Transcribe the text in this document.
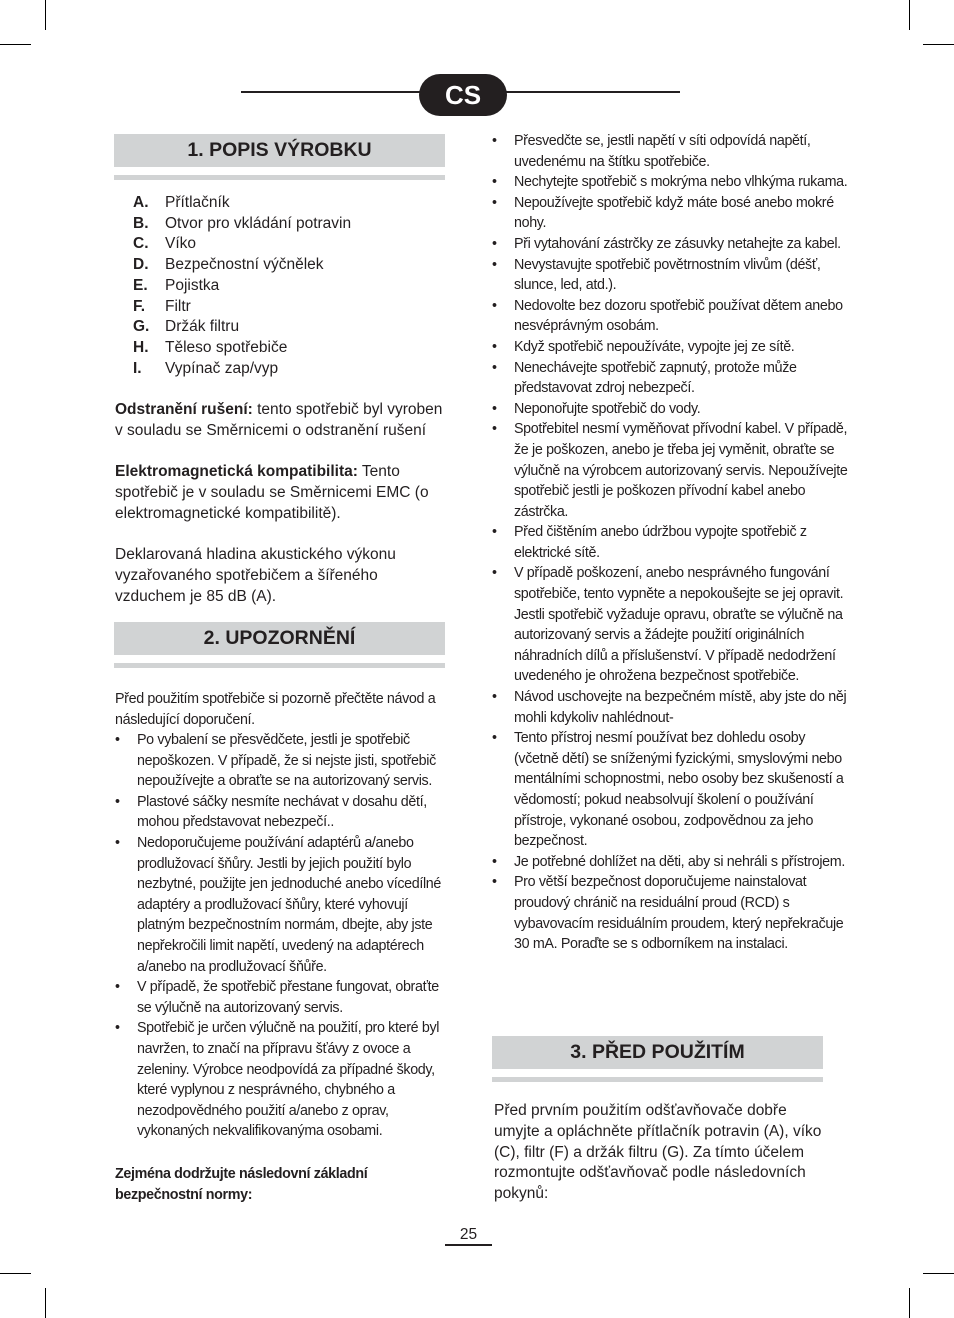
CS
1. POPIS VÝROBKU
A.	Přítlačník
B.	Otvor pro vkládání potravin
C.	Víko
D.	Bezpečnostní výčnělek
E.	Pojistka
F.	Filtr
G.	Držák filtru
H.	Těleso spotřebiče
I.	Vypínač zap/vyp

Odstranění rušení: tento spotřebič byl vyroben v souladu se Směrnicemi o odstranění rušení

Elektromagnetická kompatibilita: Tento spotřebič je v souladu se Směrnicemi EMC (o elektromagnetické kompatibilitě).

Deklarovaná hladina akustického výkonu vyzařovaného spotřebičem a šířeného vzduchem je 85 dB (A).

2. UPOZORNĚNÍ

Před použitím spotřebiče si pozorně přečtěte návod a následující doporučení.

• Po vybalení se přesvědčete, jestli je spotřebič nepoškozen. V případě, že si nejste jisti, spotřebič nepoužívejte a obraťte se na autorizovaný servis.
• Plastové sáčky nesmíte nechávat v dosahu dětí, mohou představovat nebezpečí..
• Nedoporučujeme používání adaptérů a/anebo prodlužovací šňůry. Jestli by jejich použití bylo nezbytné, použijte jen jednoduché anebo vícedílné adaptéry a prodlužovací šňůry, které vyhovují platným bezpečnostním normám, dbejte, aby jste nepřekročili limit napětí, uvedený na adaptérech a/anebo na prodlužovací šňůře.
• V případě, že spotřebič přestane fungovat, obraťte se výlučně na autorizovaný servis.
• Spotřebič je určen výlučně na použití, pro které byl navržen, to značí na přípravu šťávy z ovoce a zeleniny. Výrobce neodpovídá za případné škody, které vyplynou z nesprávného, chybného a nezodpovědného použití a/anebo z oprav, vykonaných nekvalifikovanýma osobami.

Zejména dodržujte následovní základní bezpečnostní normy:

• Přesvedčte se, jestli napětí v síti odpovídá napětí, uvedenému na štítku spotřebiče.
• Nechytejte spotřebič s mokrýma nebo vlhkýma rukama.
• Nepoužívejte spotřebič když máte bosé anebo mokré nohy.
• Při vytahování zástrčky ze zásuvky netahejte za kabel.
• Nevystavujte spotřebič povětrnostním vlivům (déšť, slunce, led, atd.).
• Nedovolte bez dozoru spotřebič používat dětem anebo nesvéprávným osobám.
• Když spotřebič nepoužíváte, vypojte jej ze sítě.
• Nenechávejte spotřebič zapnutý, protože může představovat zdroj nebezpečí.
• Neponořujte spotřebič do vody.
• Spotřebitel nesmí vyměňovat přívodní kabel. V případě, že je poškozen, anebo je třeba jej vyměnit, obraťte se výlučně na výrobcem autorizovaný servis. Nepoužívejte spotřebič jestli je poškozen přívodní kabel anebo zástrčka.
• Před čištěním anebo údržbou vypojte spotřebič z elektrické sítě.
• V případě poškození, anebo nesprávného fungování spotřebiče, tento vypněte a nepokoušejte se jej opravit. Jestli spotřebič vyžaduje opravu, obraťte se výlučně na autorizovaný servis a žádejte použití originálních náhradních dílů a příslušenství. V případě nedodržení uvedeného je ohrožena bezpečnost spotřebiče.
• Návod uschovejte na bezpečném místě, aby jste do něj mohli kdykoliv nahlédnout-
• Tento přístroj nesmí používat bez dohledu osoby (včetně dětí) se sníženými fyzickými, smyslovými nebo mentálními schopnostmi, nebo osoby bez skušeností a vědomostí; pokud neabsolvují školení o používání přístroje, vykonané osobou, zodpovědnou za jeho bezpečnost.
• Je potřebné dohlížet na děti, aby si nehráli s přístrojem.
• Pro větší bezpečnost doporučujeme nainstalovat proudový chránič na residuální proud (RCD) s vybavovacím residuálním proudem, který nepřekračuje 30 mA. Poraďte se s odborníkem na instalaci.
3. PŘED POUŽITÍM

Před prvním použitím odšťavňovače dobře umyjte a opláchněte přítlačník potravin (A), víko (C), filtr (F) a držák filtru (G). Za tímto účelem rozmontujte odšťavňovač podle následovních pokynů:

25
